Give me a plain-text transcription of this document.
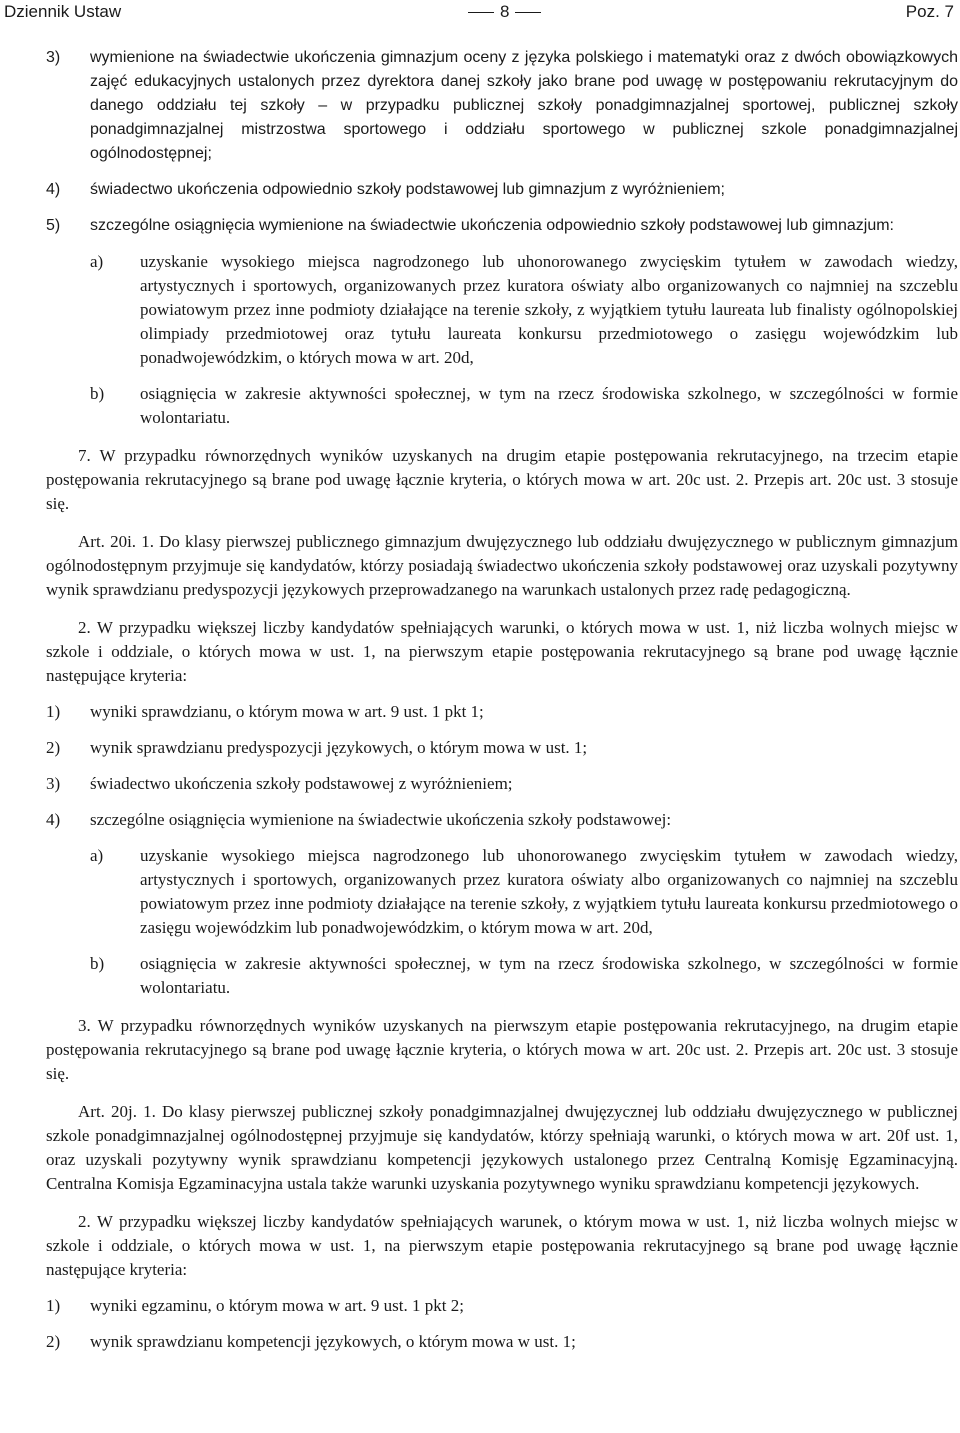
Dziennik Ustaw	8	Poz. 7
3) wymienione na świadectwie ukończenia gimnazjum oceny z języka polskiego i matematyki oraz z dwóch obowiązkowych zajęć edukacyjnych ustalonych przez dyrektora danej szkoły jako brane pod uwagę w postępowaniu rekrutacyjnym do danego oddziału tej szkoły – w przypadku publicznej szkoły ponadgimnazjalnej sportowej, publicznej szkoły ponadgimnazjalnej mistrzostwa sportowego i oddziału sportowego w publicznej szkole ponadgimnazjalnej ogólnodostępnej;
4) świadectwo ukończenia odpowiednio szkoły podstawowej lub gimnazjum z wyróżnieniem;
5) szczególne osiągnięcia wymienione na świadectwie ukończenia odpowiednio szkoły podstawowej lub gimnazjum:
a) uzyskanie wysokiego miejsca nagrodzonego lub uhonorowanego zwycięskim tytułem w zawodach wiedzy, artystycznych i sportowych, organizowanych przez kuratora oświaty albo organizowanych co najmniej na szczeblu powiatowym przez inne podmioty działające na terenie szkoły, z wyjątkiem tytułu laureata lub finalisty ogólnopolskiej olimpiady przedmiotowej oraz tytułu laureata konkursu przedmiotowego o zasięgu wojewódzkim lub ponadwojewódzkim, o których mowa w art. 20d,
b) osiągnięcia w zakresie aktywności społecznej, w tym na rzecz środowiska szkolnego, w szczególności w formie wolontariatu.

7. W przypadku równorzędnych wyników uzyskanych na drugim etapie postępowania rekrutacyjnego, na trzecim etapie postępowania rekrutacyjnego są brane pod uwagę łącznie kryteria, o których mowa w art. 20c ust. 2. Przepis art. 20c ust. 3 stosuje się.

Art. 20i. 1. Do klasy pierwszej publicznego gimnazjum dwujęzycznego lub oddziału dwujęzycznego w publicznym gimnazjum ogólnodostępnym przyjmuje się kandydatów, którzy posiadają świadectwo ukończenia szkoły podstawowej oraz uzyskali pozytywny wynik sprawdzianu predyspozycji językowych przeprowadzanego na warunkach ustalonych przez radę pedagogiczną.

2. W przypadku większej liczby kandydatów spełniających warunki, o których mowa w ust. 1, niż liczba wolnych miejsc w szkole i oddziale, o których mowa w ust. 1, na pierwszym etapie postępowania rekrutacyjnego są brane pod uwagę łącznie następujące kryteria:

1) wyniki sprawdzianu, o którym mowa w art. 9 ust. 1 pkt 1;
2) wynik sprawdzianu predyspozycji językowych, o którym mowa w ust. 1;
3) świadectwo ukończenia szkoły podstawowej z wyróżnieniem;
4) szczególne osiągnięcia wymienione na świadectwie ukończenia szkoły podstawowej:
a) uzyskanie wysokiego miejsca nagrodzonego lub uhonorowanego zwycięskim tytułem w zawodach wiedzy, artystycznych i sportowych, organizowanych przez kuratora oświaty albo organizowanych co najmniej na szczeblu powiatowym przez inne podmioty działające na terenie szkoły, z wyjątkiem tytułu laureata konkursu przedmiotowego o zasięgu wojewódzkim lub ponadwojewódzkim, o którym mowa w art. 20d,
b) osiągnięcia w zakresie aktywności społecznej, w tym na rzecz środowiska szkolnego, w szczególności w formie wolontariatu.

3. W przypadku równorzędnych wyników uzyskanych na pierwszym etapie postępowania rekrutacyjnego, na drugim etapie postępowania rekrutacyjnego są brane pod uwagę łącznie kryteria, o których mowa w art. 20c ust. 2. Przepis art. 20c ust. 3 stosuje się.

Art. 20j. 1. Do klasy pierwszej publicznej szkoły ponadgimnazjalnej dwujęzycznej lub oddziału dwujęzycznego w publicznej szkole ponadgimnazjalnej ogólnodostępnej przyjmuje się kandydatów, którzy spełniają warunki, o których mowa w art. 20f ust. 1, oraz uzyskali pozytywny wynik sprawdzianu kompetencji językowych ustalonego przez Centralną Komisję Egzaminacyjną. Centralna Komisja Egzaminacyjna ustala także warunki uzyskania pozytywnego wyniku sprawdzianu kompetencji językowych.

2. W przypadku większej liczby kandydatów spełniających warunek, o którym mowa w ust. 1, niż liczba wolnych miejsc w szkole i oddziale, o których mowa w ust. 1, na pierwszym etapie postępowania rekrutacyjnego są brane pod uwagę łącznie następujące kryteria:

1) wyniki egzaminu, o którym mowa w art. 9 ust. 1 pkt 2;
2) wynik sprawdzianu kompetencji językowych, o którym mowa w ust. 1;
